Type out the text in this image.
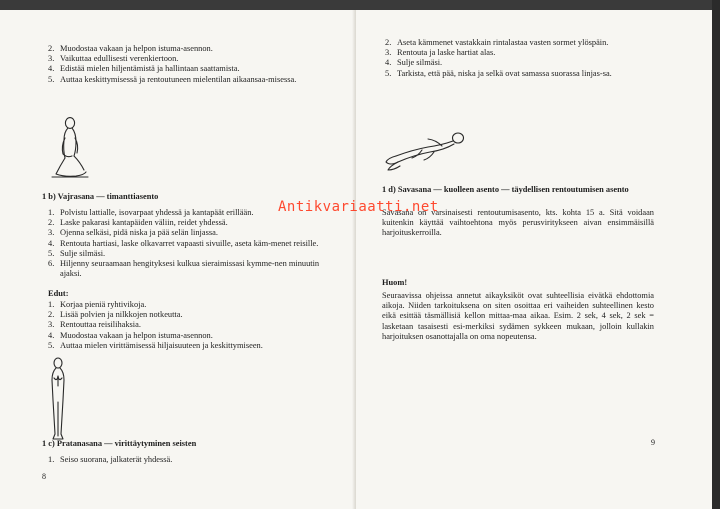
2. Muodostaa vakaan ja helpon istuma-asennon.
3. Vaikuttaa edullisesti verenkiertoon.
4. Edistää mielen hiljentämistä ja hallintaan saattamista.
5. Auttaa keskittymisessä ja rentoutuneen mielentilan aikaansaa-misessa.
1 b) Vajrasana — timanttiasento
1. Polvistu lattialle, isovarpaat yhdessä ja kantapäät erillään.
2. Laske pakarasi kantapäiden väliin, reidet yhdessä.
3. Ojenna selkäsi, pidä niska ja pää selän linjassa.
4. Rentouta hartiasi, laske olkavarret vapaasti sivuille, aseta käm-menet reisille.
5. Sulje silmäsi.
6. Hiljenny seuraamaan hengityksesi kulkua sieraimissasi kymme-nen minuutin ajaksi.
Edut:
1. Korjaa pieniä ryhtivikoja.
2. Lisää polvien ja nilkkojen notkeutta.
3. Rentouttaa reisilihaksia.
4. Muodostaa vakaan ja helpon istuma-asennon.
5. Auttaa mielen virittämisessä hiljaisuuteen ja keskittymiseen.
1 c) Pratanasana — virittäytyminen seisten
1. Seiso suorana, jalkaterät yhdessä.
8
2. Aseta kämmenet vastakkain rintalastaa vasten sormet ylöspäin.
3. Rentouta ja laske hartiat alas.
4. Sulje silmäsi.
5. Tarkista, että pää, niska ja selkä ovat samassa suorassa linjas-sa.
1 d) Savasana — kuolleen asento — täydellisen rentoutumisen asento
Savasana on varsinaisesti rentoutumisasento, kts. kohta 15 a. Sitä voidaan kuitenkin käyttää vaihtoehtona myös perusviritykseen aivan ensimmäisillä harjoituskerroilla.
Huom!
Seuraavissa ohjeissa annetut aikayksiköt ovat suhteellisia eivätkä ehdottomia aikoja. Niiden tarkoituksena on siten osoittaa eri vaiheiden suhteellinen kesto eikä esittää täsmällisiä kellon mittaa-maa aikaa. Esim. 2 sek, 4 sek, 2 sek = lasketaan tasaisesti esi-merkiksi sydämen sykkeen mukaan, jolloin kullakin harjoituksen osanottajalla on oma nopeutensa.
9
Antikvariaatti.net
